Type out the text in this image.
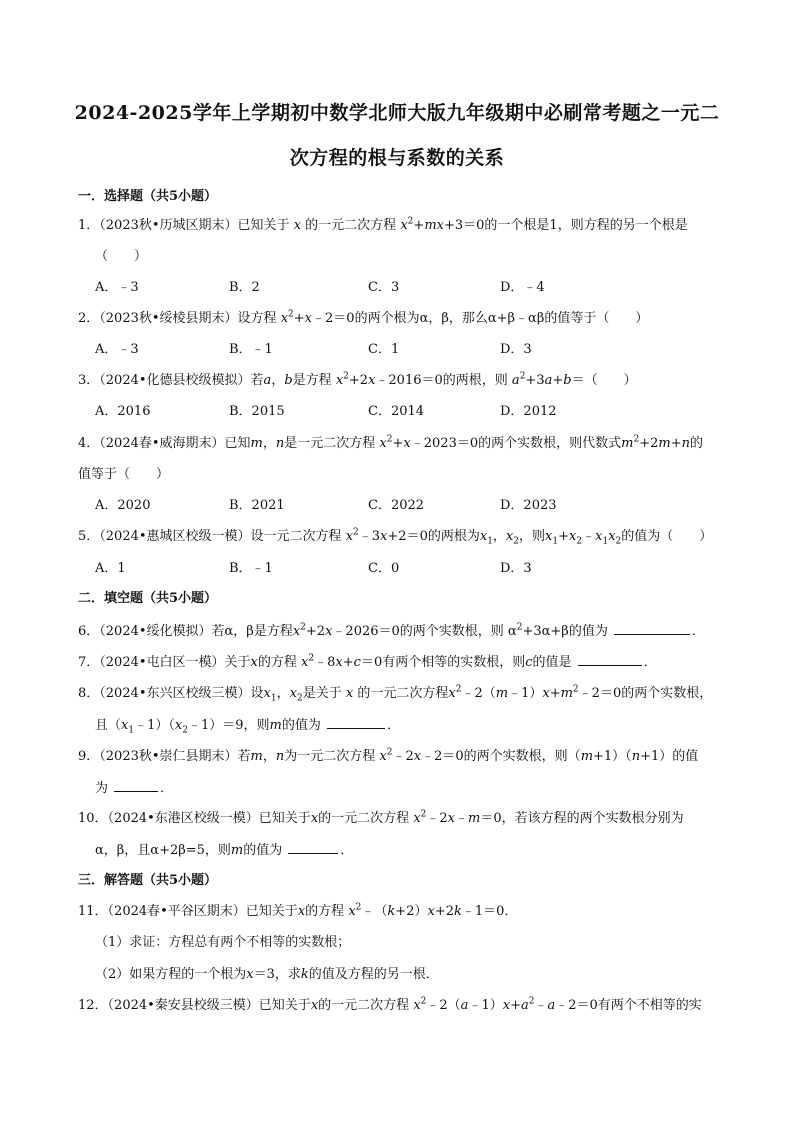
2024-2025学年上学期初中数学北师大版九年级期中必刷常考题之一元二
次方程的根与系数的关系
一．选择题（共5小题）
1．（2023秋•历城区期末）已知关于 x 的一元二次方程 $x^2+mx+3=0$的一个根是1，则方程的另一个根是
（　　）
A．﹣3	B．2	C．3	D．﹣4
2．（2023秋•绥棱县期末）设方程 $x^2+x﹣2=0$的两个根为α，β，那么α+β﹣αβ的值等于（　　）
A．﹣3	B．﹣1	C．1	D．3
3．（2024•化德县校级模拟）若a，b是方程 $x^2+2x﹣2016=0$的两根，则 $a^2+3a+b=$（　　）
A．2016	B．2015	C．2014	D．2012
4．（2024春•威海期末）已知m，n是一元二次方程 $x^2+x﹣2023=0$的两个实数根，则代数式$m^2+2m+n$的
值等于（　　）
A．2020	B．2021	C．2022	D．2023
5．（2024•惠城区校级一模）设一元二次方程 $x^2﹣3x+2=0$的两根为$x_1$，$x_2$，则$x_1+x_2﹣x_1x_2$的值为（　　）
A．1	B．﹣1	C．0	D．3
二．填空题（共5小题）
6．（2024•绥化模拟）若α，β是方程$x^2+2x﹣2026=0$的两个实数根，则 $\alpha^2+3\alpha+\beta$的值为	．
7．（2024•屯白区一模）关于x的方程 $x^2﹣8x+c=0$有两个相等的实数根，则c的值是	．
8．（2024•东兴区校级三模）设$x_1$，$x_2$是关于 x 的一元二次方程$x^2﹣2(m﹣1)x+m^2﹣2=0$的两个实数根，
且$(x_1﹣1)(x_2﹣1)=9$，则m的值为	．
9．（2023秋•崇仁县期末）若m，n为一元二次方程 $x^2﹣2x﹣2=0$的两个实数根，则（m+1）（n+1）的值
为	．
10．（2024•东港区校级一模）已知关于x的一元二次方程 $x^2﹣2x﹣m=0$，若该方程的两个实数根分别为
α，β，且α+2β=5，则m的值为	．
三．解答题（共5小题）
11．（2024春•平谷区期末）已知关于x的方程 $x^2﹣(k+2)x+2k﹣1=0$．
（1）求证：方程总有两个不相等的实数根；
（2）如果方程的一个根为x＝3，求k的值及方程的另一根．
12．（2024•秦安县校级三模）已知关于x的一元二次方程 $x^2﹣2(a﹣1)x+a^2﹣a﹣2=0$有两个不相等的实
